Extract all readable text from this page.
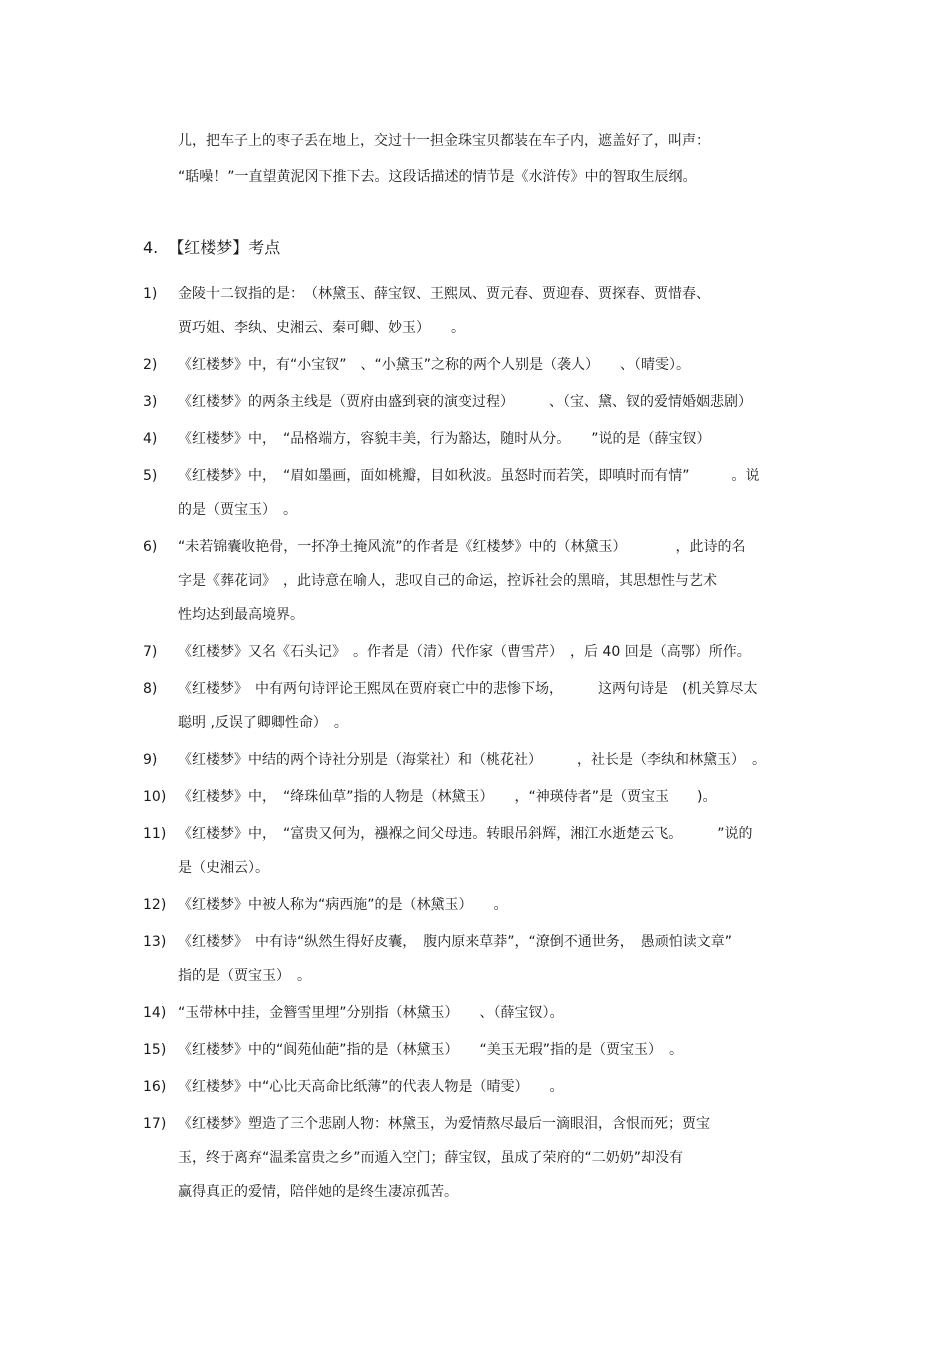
儿，把车子上的枣子丢在地上，交过十一担金珠宝贝都装在车子内，遮盖好了，叫声：

“聒噪！”一直望黄泥冈下推下去。这段话描述的情节是《水浒传》中的智取生辰纲。

4. 【红楼梦】考点
1)	金陵十二钗指的是：　（林黛玉、薛宝钗、王熙凤、贾元春、贾迎春、贾探春、贾惜春、
贾巧姐、李纨、史湘云、秦可卿、妙玉）　　。
2)	《红楼梦》中，有“小宝钗”　、“小黛玉”之称的两个人别是（袭人）　　、（晴雯）。
3)	《红楼梦》的两条主线是（贾府由盛到衰的演变过程）　　　、（宝、黛、钗的爱情婚姻悲剧）
4)	《红楼梦》中，　“品格端方，容貌丰美，行为豁达，随时从分。　　”说的是（薛宝钗）
5)	《红楼梦》中，　“眉如墨画，面如桃瓣，目如秋波。虽怒时而若笑，即嗔时而有情”　　　。说
的是（贾宝玉）　。
6)	“未若锦囊收艳骨，一抔净土掩风流”的作者是《红楼梦》中的（林黛玉）　　　　，此诗的名
字是《葬花词》　，此诗意在喻人，悲叹自己的命运，控诉社会的黑暗，其思想性与艺术
性均达到最高境界。
7)	《红楼梦》又名《石头记》　。作者是（清）代作家（曹雪芹）　，后 40 回是（高鄂）所作。
8)	《红楼梦》　中有两句诗评论王熙凤在贾府衰亡中的悲惨下场，　　　这两句诗是　(机关算尽太
聪明 ,反误了卿卿性命）　。
9)	《红楼梦》中结的两个诗社分别是（海棠社）和（桃花社）　　　，社长是（李纨和林黛玉）　。
10) 《红楼梦》中，　“绛珠仙草”指的人物是（林黛玉）　　，“神瑛侍者”是（贾宝玉　　)。
11) 《红楼梦》中，　“富贵又何为，襁褓之间父母违。转眼吊斜辉，湘江水逝楚云飞。　　　”说的
是（史湘云）。
12) 《红楼梦》中被人称为“病西施”的是（林黛玉）　　。
13) 《红楼梦》　中有诗“纵然生得好皮囊，　腹内原来草莽”，“潦倒不通世务，　愚顽怕读文章”
指的是（贾宝玉）　。
14) “玉带林中挂，金簪雪里埋”分别指（林黛玉）　　、（薛宝钗）。
15) 《红楼梦》中的“阆苑仙葩”指的是（林黛玉）　　“美玉无瑕”指的是（贾宝玉）　。
16) 《红楼梦》中“心比天高命比纸薄”的代表人物是（晴雯）　　。
17) 《红楼梦》塑造了三个悲剧人物：林黛玉，为爱情熬尽最后一滴眼泪，含恨而死；贾宝
玉，终于离弃“温柔富贵之乡”而遁入空门；薛宝钗，虽成了荣府的“二奶奶”却没有
赢得真正的爱情，陪伴她的是终生凄凉孤苦。
